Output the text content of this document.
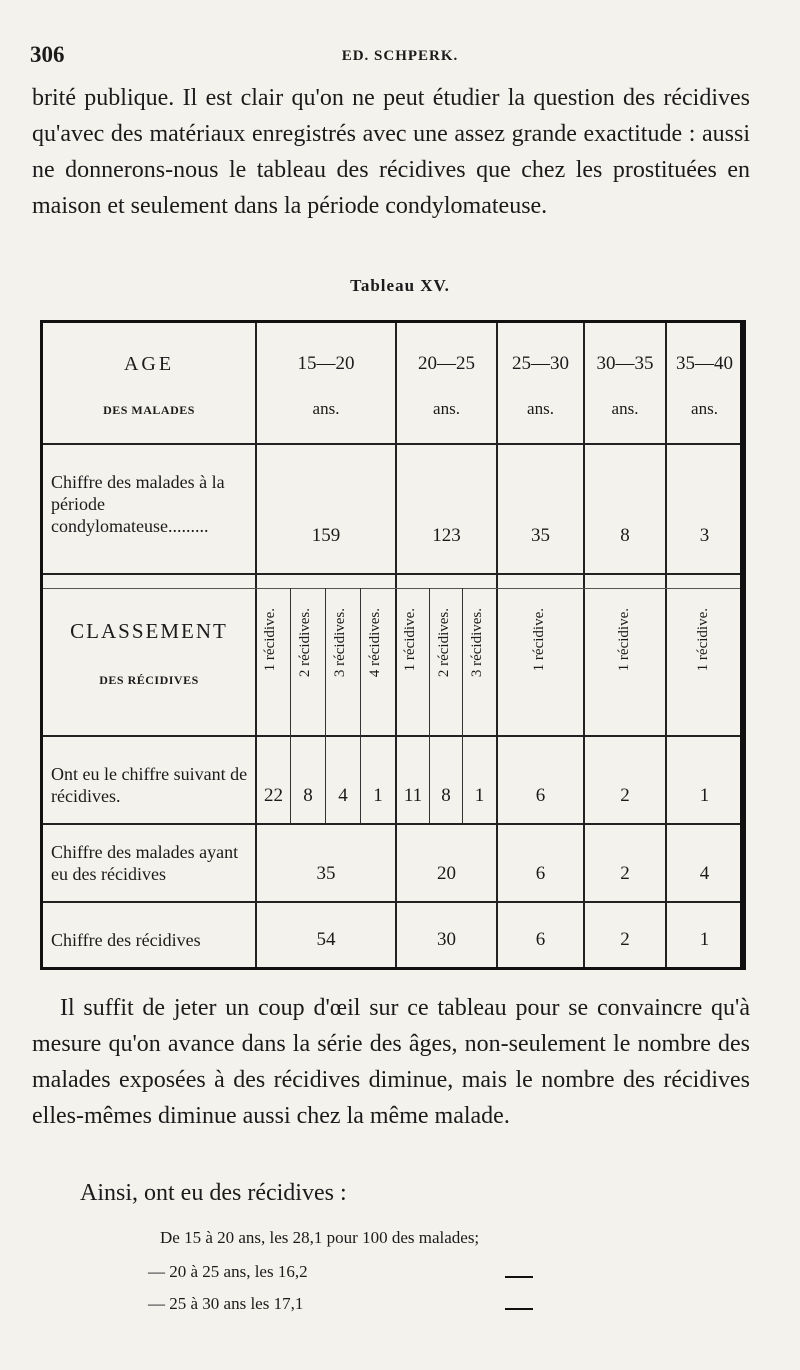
306	ED. SCHPERK.
brité publique. Il est clair qu'on ne peut étudier la question des récidives qu'avec des matériaux enregistrés avec une assez grande exactitude : aussi ne donnerons-nous le tableau des récidives que chez les prostituées en maison et seulement dans la période condylomateuse.
Tableau XV.
AGE
DES MALADES
15—20	20—25	25—30	30—35	35—40
ans.	ans.	ans.	ans.	ans.
Chiffre des malades à la période condylomateuse.........	159	123	35	8	3
CLASSEMENT
DES RÉCIDIVES
1 récidive. 2 récidives. 3 récidives. 4 récidives. 1 récidive. 2 récidives. 3 récidives.	1 récidive.	1 récidive.	1 récidive.
Ont eu le chiffre suivant de récidives.	22	8	4	1	11	8	1	6	2	1
Chiffre des malades ayant eu des récidives	35	20	6	2	4
Chiffre des récidives	54	30	6	2	1
Il suffit de jeter un coup d'œil sur ce tableau pour se convaincre qu'à mesure qu'on avance dans la série des âges, non-seulement le nombre des malades exposées à des récidives diminue, mais le nombre des récidives elles-mêmes diminue aussi chez la même malade.
Ainsi, ont eu des récidives :
De 15 à 20 ans, les 28,1 pour 100 des malades;
— 20 à 25 ans, les 16,2
— 25 à 30 ans les 17,1
